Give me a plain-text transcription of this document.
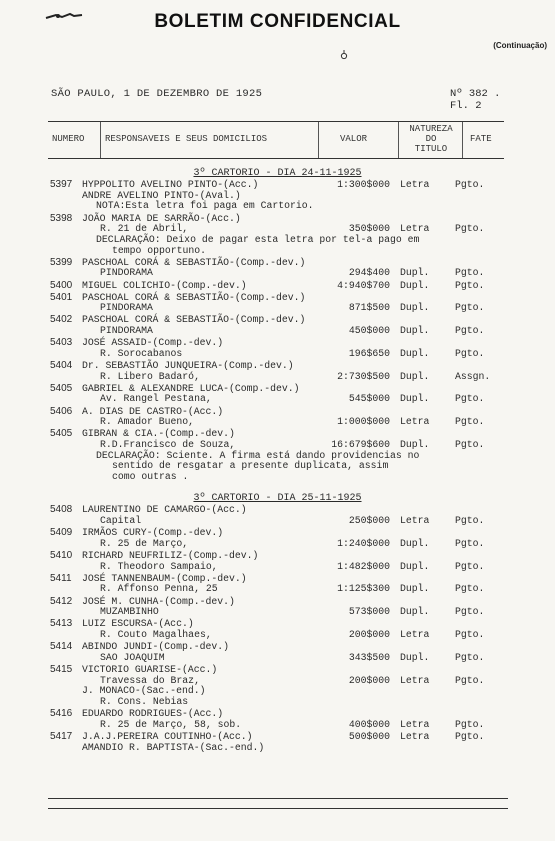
BOLETIM CONFIDENCIAL
(Continuação)
SÃO PAULO, 1 DE DEZEMBRO DE 1925	Nº 382 .
Fl. 2
NUMERO RESPONSAVEIS E SEUS DOMICILIOS	VALOR
NATUREZA
DO
TITULO
FATE
3º CARTORIO - DIA 24-11-1925
5397 HYPPOLITO AVELINO PINTO-(Acc.)
ANDRE AVELINO PINTO-(Aval.)
NOTA:Esta letra foi paga em Cartorio.
1:300$000 Letra	Pgto.
5398 JOÃO MARIA DE SARRÃO-(Acc.)
R. 21 de Abril,
DECLARAÇÃO: Deixo de pagar esta letra por tel-a pago em
tempo opportuno.
350$000 Letra	Pgto.
5399 PASCHOAL CORÁ & SEBASTIÃO-(Comp.-dev.)
PINDORAMA	294$400 Dupl.	Pgto.
5400 MIGUEL COLICHIO-(Comp.-dev.)	4:940$700 Dupl.	Pgto.
5401 PASCHOAL CORÁ & SEBASTIÃO-(Comp.-dev.)
PINDORAMA	871$500 Dupl.	Pgto.
5402 PASCHOAL CORÁ & SEBASTIÃO-(Comp.-dev.)
PINDORAMA	450$000 Dupl.	Pgto.
5403 JOSÉ ASSAID-(Comp.-dev.)
R. Sorocabanos	196$650 Dupl.	Pgto.
5404 Dr. SEBASTIÃO JUNQUEIRA-(Comp.-dev.)
R. Libero Badaró,	2:730$500 Dupl.	Assgn.
5405 GABRIEL & ALEXANDRE LUCA-(Comp.-dev.)
Av. Rangel Pestana,	545$000 Dupl.	Pgto.
5406 A. DIAS DE CASTRO-(Acc.)
R. Amador Bueno,	1:000$000 Letra	Pgto.
5405 GIBRAN & CIA.-(Comp.-dev.)
R.D.Francisco de Souza,
DECLARAÇÃO: Sciente. A firma está dando providencias no
sentido de resgatar a presente duplicata, assim
como outras .
16:679$600 Dupl.	Pgto.
3º CARTORIO - DIA 25-11-1925
5408 LAURENTINO DE CAMARGO-(Acc.)
Capital	250$000 Letra	Pgto.
5409 IRMÃOS CURY-(Comp.-dev.)
R. 25 de Março,	1:240$000 Dupl.	Pgto.
5410 RICHARD NEUFRILIZ-(Comp.-dev.)
R. Theodoro Sampaio,	1:482$000 Dupl.	Pgto.
5411 JOSÉ TANNENBAUM-(Comp.-dev.)
R. Affonso Penna, 25	1:125$300 Dupl.	Pgto.
5412 JOSÉ M. CUNHA-(Comp.-dev.)
MUZAMBINHO	573$000 Dupl.	Pgto.
5413 LUIZ ESCURSA-(Acc.)
R. Couto Magalhaes,	200$000 Letra	Pgto.
5414 ABINDO JUNDI-(Comp.-dev.)
SAO JOAQUIM	343$500 Dupl.	Pgto.
5415 VICTORIO GUARISE-(Acc.)
Travessa do Braz,
J. MONACO-(Sac.-end.)
R. Cons. Nebias
200$000 Letra	Pgto.
5416 EDUARDO RODRIGUES-(Acc.)
R. 25 de Março, 58, sob.	400$000 Letra	Pgto.
5417 J.A.J.PEREIRA COUTINHO-(Acc.)
AMANDIO R. BAPTISTA-(Sac.-end.)
500$000 Letra	Pgto.
